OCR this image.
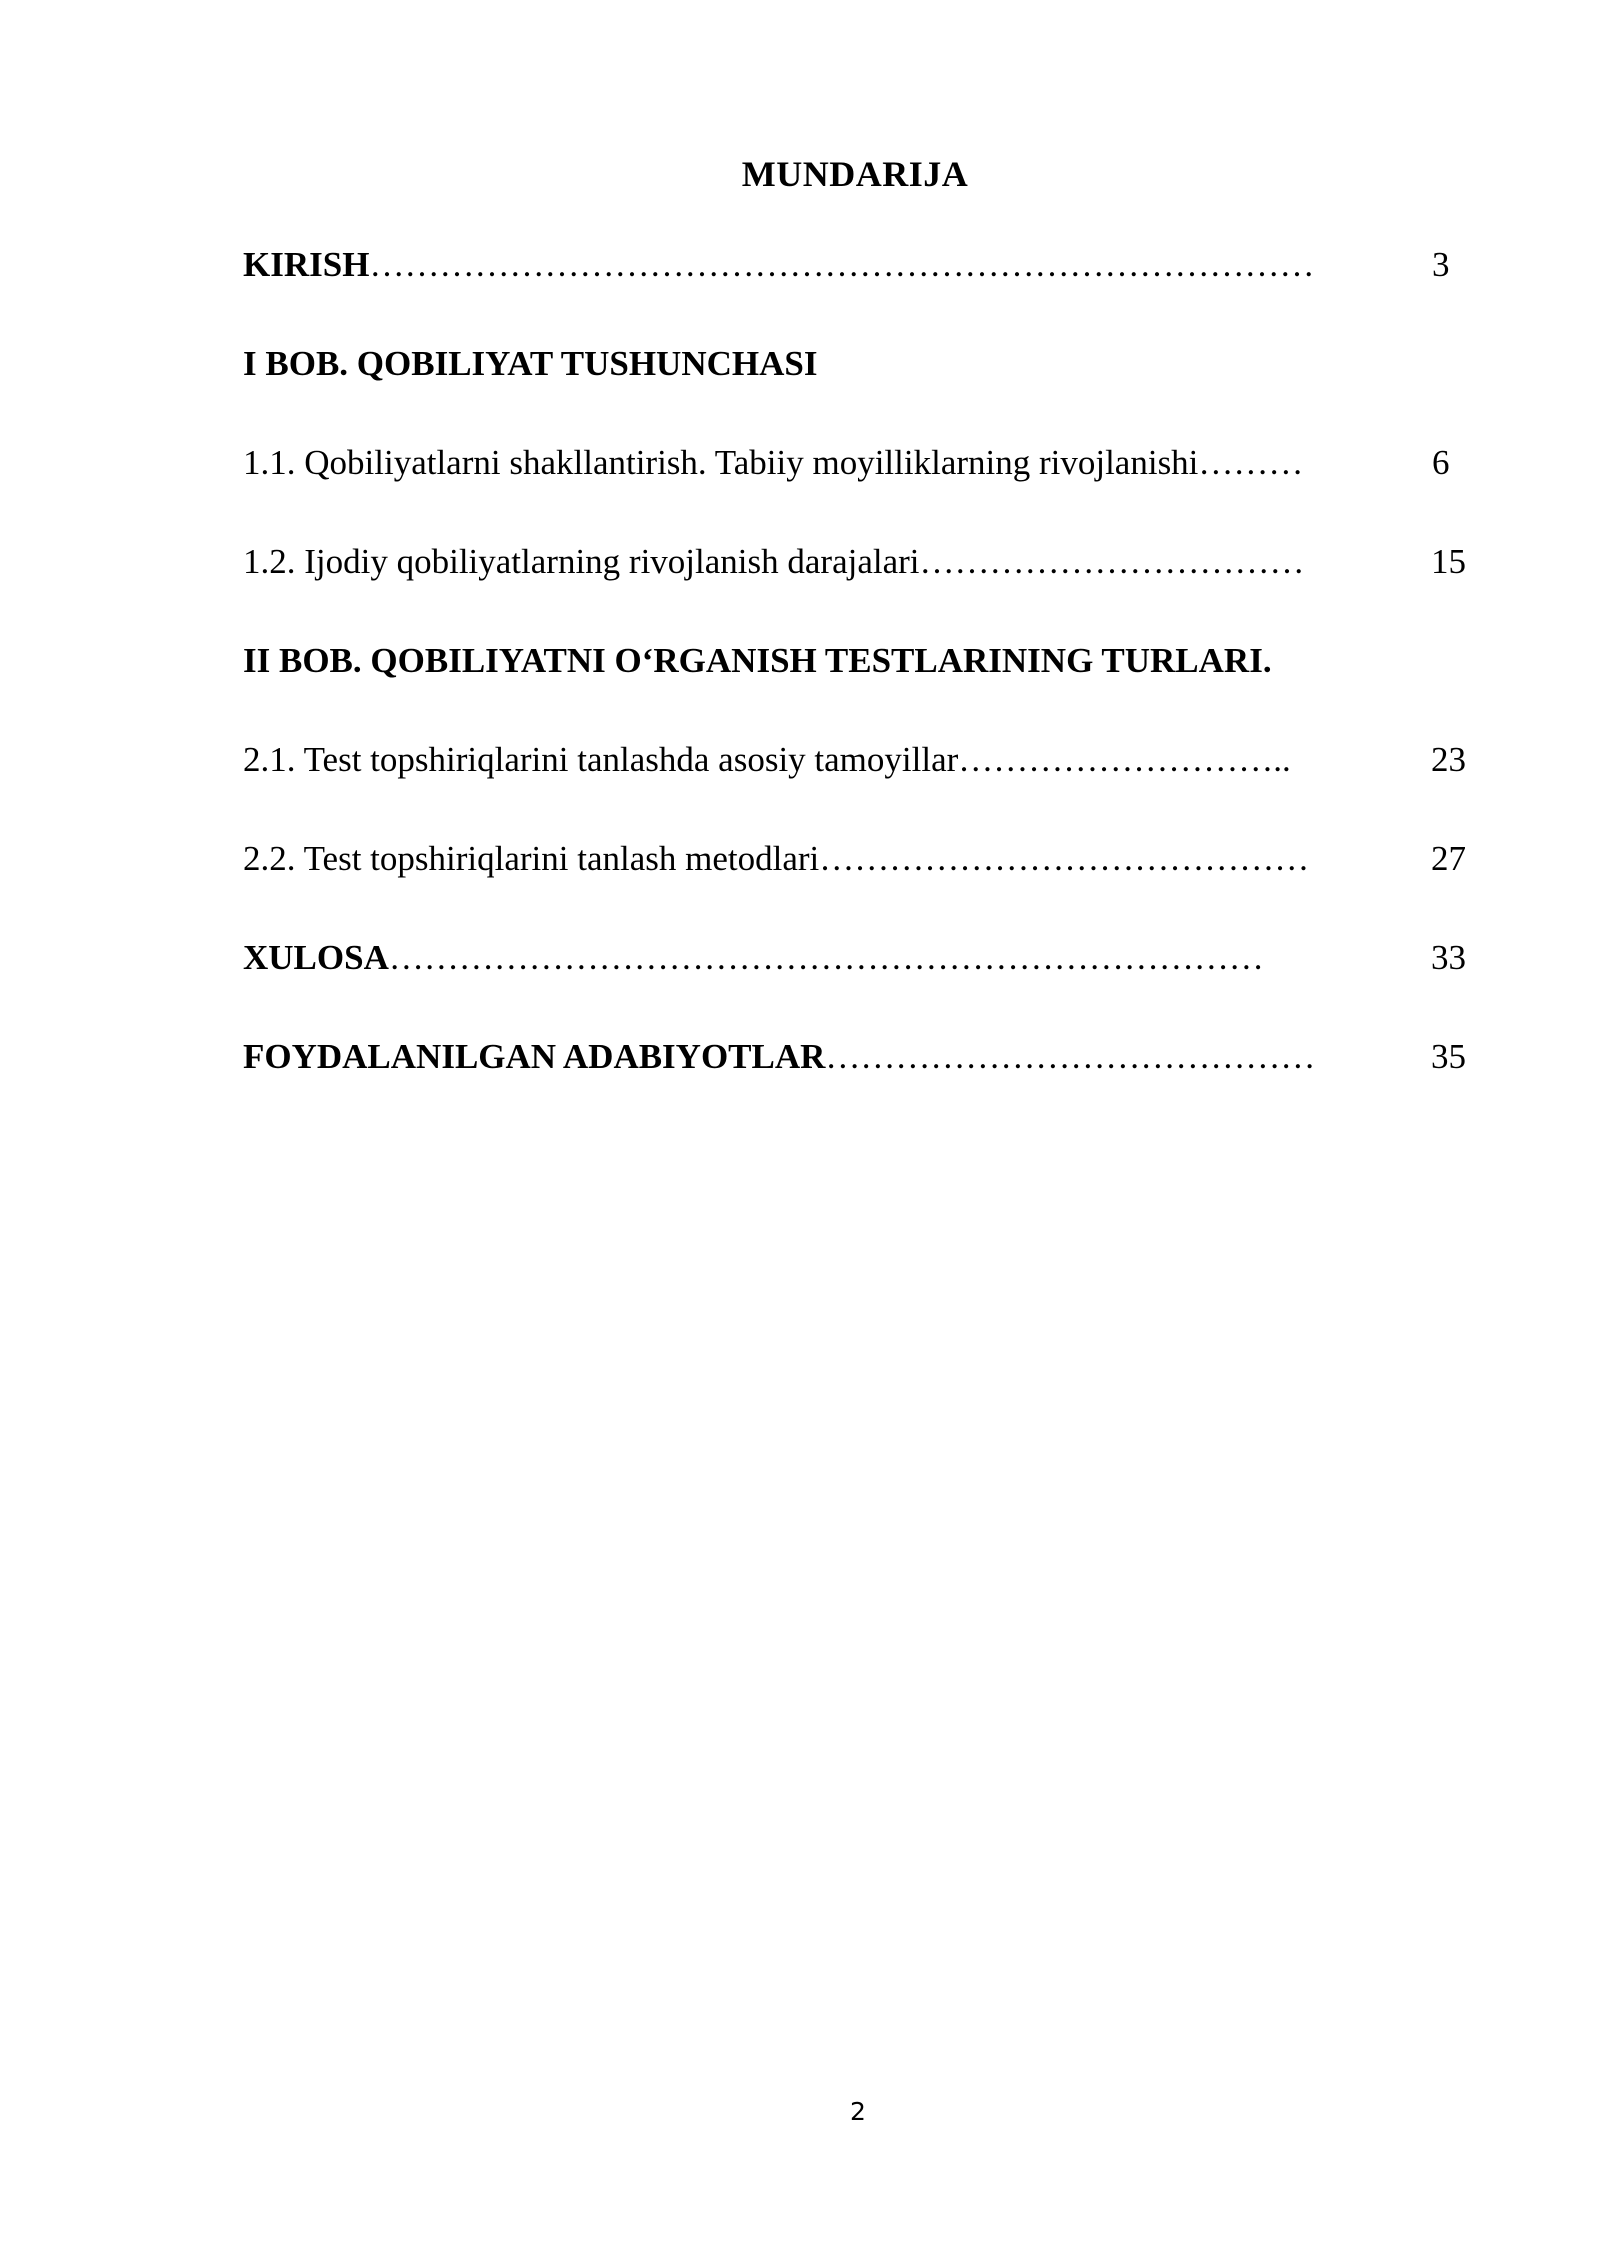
MUNDARIJA
KIRISH………………………………………………………………………	3
I BOB. QOBILIYAT TUSHUNCHASI
1.1. Qobiliyatlarni shakllantirish. Tabiiy moyilliklarning rivojlanishi………	6
1.2. Ijodiy qobiliyatlarning rivojlanish darajalari……………………………	15
II BOB. QOBILIYATNI O‘RGANISH TESTLARINING TURLARI.
2.1. Test topshiriqlarini tanlashda asosiy tamoyillar………………………..	23
2.2. Test topshiriqlarini tanlash metodlari……………………………………	27
XULOSA…………………………………………………………………	33
FOYDALANILGAN ADABIYOTLAR……………………………………	35
2
